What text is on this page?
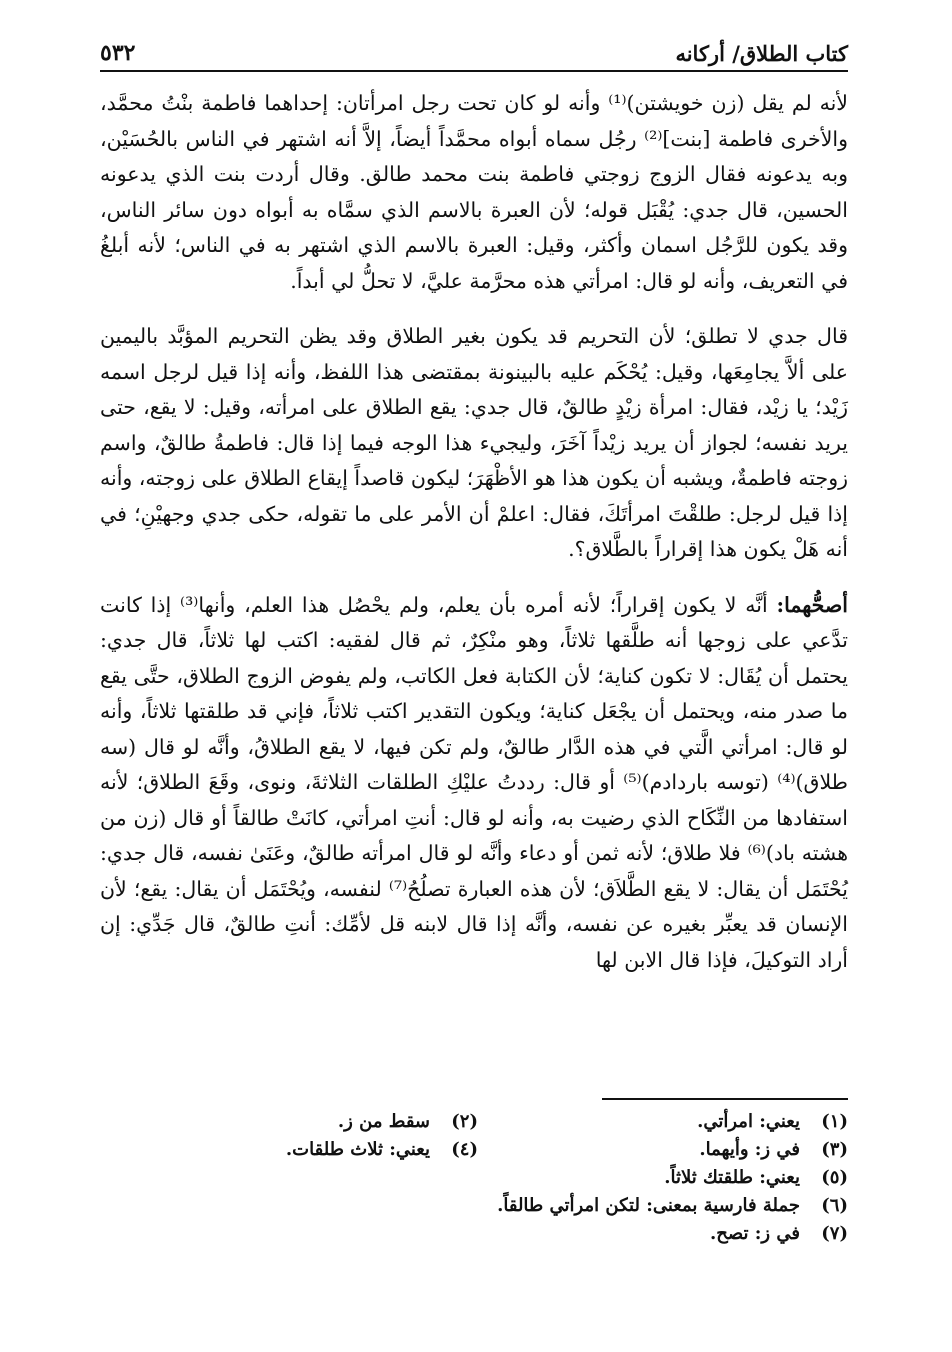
كتاب الطلاق/ أركانه
٥٣٢

لأنه لم يقل (زن خويشتن)⁽¹⁾ وأنه لو كان تحت رجل امرأتان: إحداهما فاطمة بنْتُ محمَّد، والأخرى فاطمة [بنت]⁽²⁾ رجُل سماه أبواه محمَّداً أيضاً، إلاَّ أنه اشتهر في الناس بالحُسَيْن، وبه يدعونه فقال الزوج زوجتي فاطمة بنت محمد طالق. وقال أردت بنت الذي يدعونه الحسين، قال جدي: يُقْبَل قوله؛ لأن العبرة بالاسم الذي سمَّاه به أبواه دون سائر الناس، وقد يكون للرَّجُل اسمان وأكثر، وقيل: العبرة بالاسم الذي اشتهر به في الناس؛ لأنه أبلغُ في التعريف، وأنه لو قال: امرأتي هذه محرَّمة عليَّ، لا تحلُّ لي أبداً.

قال جدي لا تطلق؛ لأن التحريم قد يكون بغير الطلاق وقد يظن التحريم المؤبَّد باليمين على ألاَّ يجامِعَها، وقيل: يُحْكَم عليه بالبينونة بمقتضى هذا اللفظ، وأنه إذا قيل لرجل اسمه زَيْد؛ يا زيْد، فقال: امرأة زيْدٍ طالقٌ، قال جدي: يقع الطلاق على امرأته، وقيل: لا يقع، حتى يريد نفسه؛ لجواز أن يريد زيْداً آخَرَ، وليجيء هذا الوجه فيما إذا قال: فاطمةُ طالقٌ، واسم زوجته فاطمةٌ، ويشبه أن يكون هذا هو الأظْهَرَ؛ ليكون قاصداً إيقاع الطلاق على زوجته، وأنه إذا قيل لرجل: طلقْتَ امرأتَكَ، فقال: اعلمْ أن الأمر على ما تقوله، حكى جدي وجهيْنِ؛ في أنه هَلْ يكون هذا إقراراً بالطَّلاق؟.

أصحُّهما: أنَّه لا يكون إقراراً؛ لأنه أمره بأن يعلم، ولم يحْصُل هذا العلم، وأنها⁽³⁾ إذا كانت تدَّعي على زوجها أنه طلَّقها ثلاثاً، وهو منْكِرٌ، ثم قال لفقيه: اكتب لها ثلاثاً، قال جدي: يحتمل أن يُقَال: لا تكون كناية؛ لأن الكتابة فعل الكاتب، ولم يفوض الزوج الطلاق، حتَّى يقع ما صدر منه، ويحتمل أن يجْعَل كناية؛ ويكون التقدير اكتب ثلاثاً، فإني قد طلقتها ثلاثاً، وأنه لو قال: امرأتي الَّتي في هذه الدَّار طالقٌ، ولم تكن فيها، لا يقع الطلاقُ، وأنَّه لو قال (سه طلاق)⁽⁴⁾ (توسه باردادم)⁽⁵⁾ أو قال: رددتُ عليْكِ الطلقات الثلاثةَ، ونوى، وقَعَ الطلاق؛ لأنه استفادها من النِّكَاح الذي رضيت به، وأنه لو قال: أنتِ امرأتي، كانَتْ طالقاً أو قال (زن من هشته باد)⁽⁶⁾ فلا طلاق؛ لأنه ثمن أو دعاء وأنَّه لو قال امرأته طالقٌ، وعَنَىٰ نفسه، قال جدي: يُحْتَمَل أن يقال: لا يقع الطَّلاَق؛ لأن هذه العبارة تصلُحُ⁽⁷⁾ لنفسه، ويُحْتَمَل أن يقال: يقع؛ لأن الإنسان قد يعبِّر بغيره عن نفسه، وأنَّه إذا قال لابنه قل لأمِّك: أنتِ طالقٌ، قال جَدِّي: إن أراد التوكيلَ، فإذا قال الابن لها

(١)
يعني: امرأتي.
(٢)
سقط من ز.
(٣)
في ز: وأيهما.
(٤)
يعني: ثلاث طلقات.
(٥)
يعني: طلقتك ثلاثاً.
(٦)
جملة فارسية بمعنى: لتكن امرأتي طالقاً.
(٧)
في ز: تصح.
